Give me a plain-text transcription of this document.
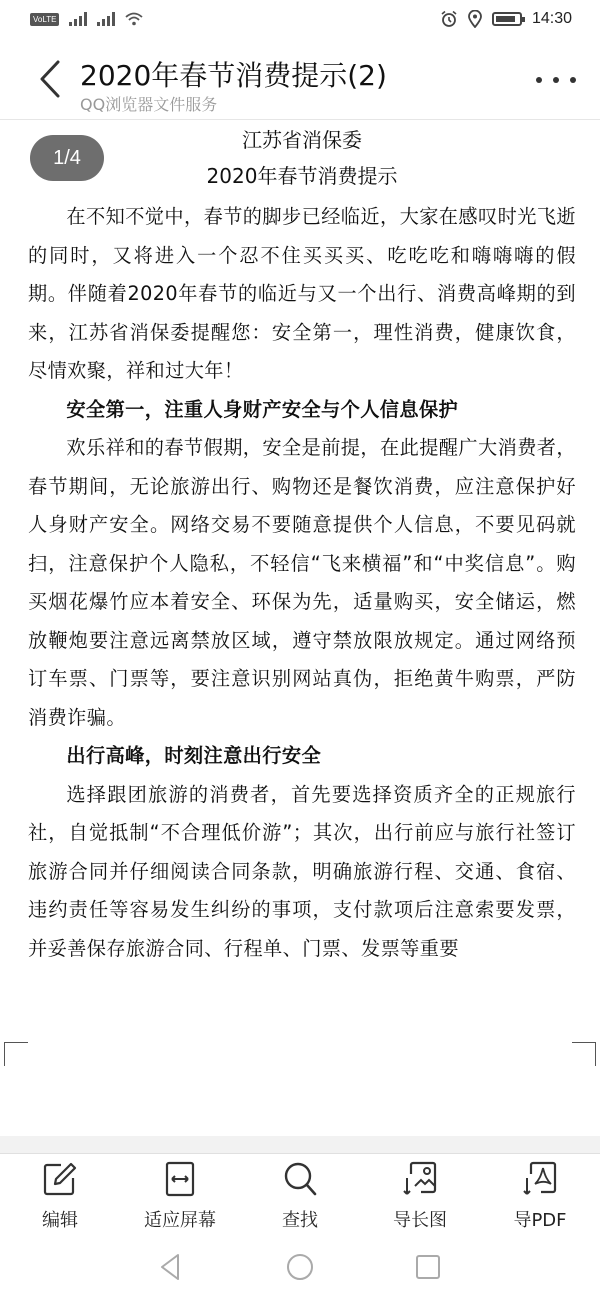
VoLTE	14:30
2020年春节消费提示(2)
QQ浏览器文件服务
1/4
江苏省消保委
2020年春节消费提示

在不知不觉中，春节的脚步已经临近，大家在感叹时光飞逝的同时，又将进入一个忍不住买买买、吃吃吃和嗨嗨嗨的假期。伴随着2020年春节的临近与又一个出行、消费高峰期的到来，江苏省消保委提醒您：安全第一，理性消费，健康饮食，尽情欢聚，祥和过大年！

安全第一，注重人身财产安全与个人信息保护

欢乐祥和的春节假期，安全是前提，在此提醒广大消费者，春节期间，无论旅游出行、购物还是餐饮消费，应注意保护好人身财产安全。网络交易不要随意提供个人信息，不要见码就扫，注意保护个人隐私，不轻信“飞来横福”和“中奖信息”。购买烟花爆竹应本着安全、环保为先，适量购买，安全储运，燃放鞭炮要注意远离禁放区域，遵守禁放限放规定。通过网络预订车票、门票等，要注意识别网站真伪，拒绝黄牛购票，严防消费诈骗。

出行高峰，时刻注意出行安全

选择跟团旅游的消费者，首先要选择资质齐全的正规旅行社，自觉抵制“不合理低价游”；其次，出行前应与旅行社签订旅游合同并仔细阅读合同条款，明确旅游行程、交通、食宿、违约责任等容易发生纠纷的事项，支付款项后注意索要发票，并妥善保存旅游合同、行程单、门票、发票等重要

编辑	适应屏幕	查找	导长图	导PDF
